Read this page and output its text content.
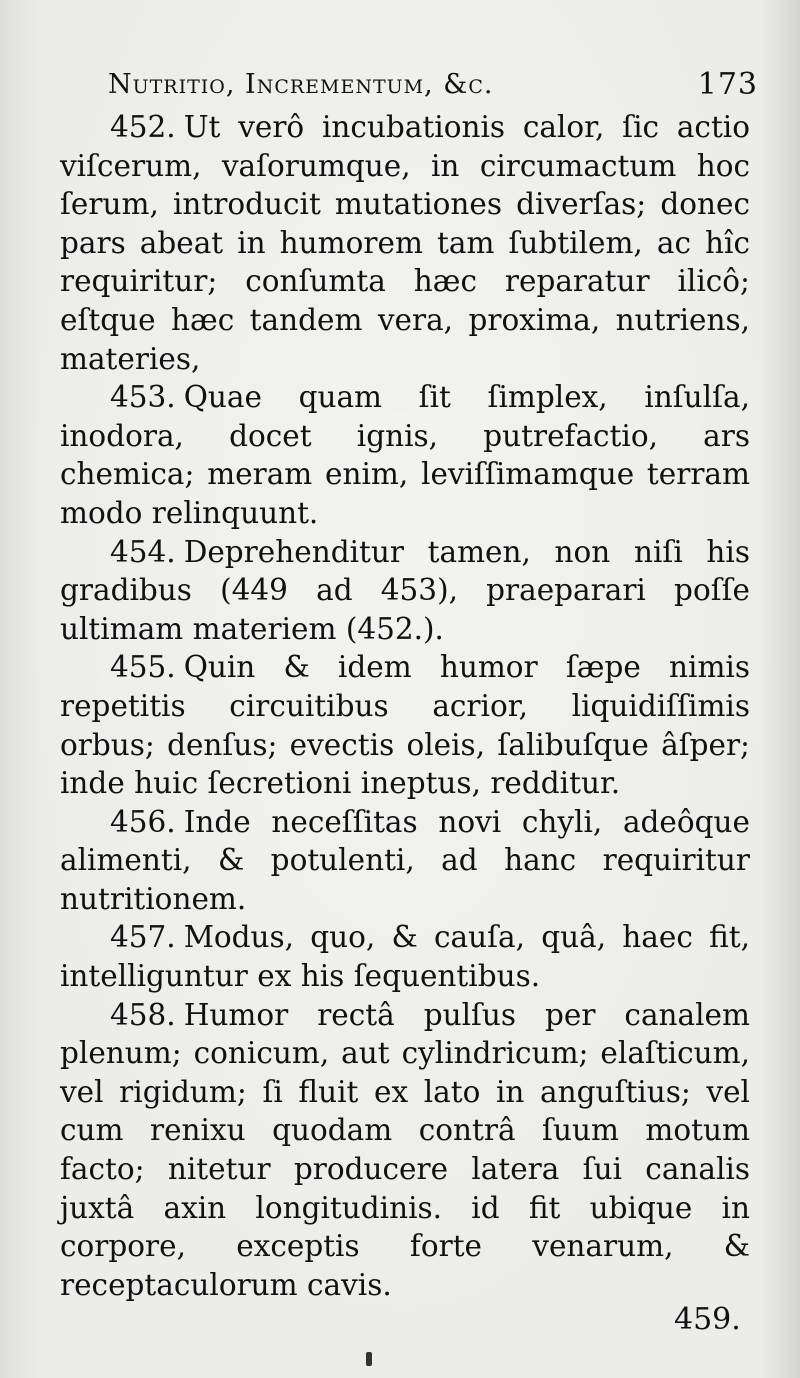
Nutritio, Incrementum, &c.	173

452. Ut verô incubationis calor, ſic actio viſcerum, vaſorumque, in circumactum hoc ſerum, introducit mutationes diverſas; donec pars abeat in humorem tam ſubtilem, ac hîc requiritur; conſumta hæc reparatur ilicô; eſtque hæc tandem vera, proxima, nutriens, materies,

453. Quae quam ſit ſimplex, inſulſa, inodora, docet ignis, putrefactio, ars chemica; meram enim, leviſſimamque terram modo relinquunt.

454. Deprehenditur tamen, non niſi his gradibus (449 ad 453), praeparari poſſe ultimam materiem (452.).

455. Quin & idem humor ſæpe nimis repetitis circuitibus acrior, liquidiſſimis orbus; denſus; evectis oleis, ſalibuſque âſper; inde huic ſecretioni ineptus, redditur.

456. Inde neceſſitas novi chyli, adeôque alimenti, & potulenti, ad hanc requiritur nutritionem.

457. Modus, quo, & cauſa, quâ, haec fit, intelliguntur ex his ſequentibus.

458. Humor rectâ pulſus per canalem plenum; conicum, aut cylindricum; elaſticum, vel rigidum; ſi fluit ex lato in anguſtius; vel cum renixu quodam contrâ ſuum motum facto; nitetur producere latera ſui canalis juxtâ axin longitudinis. id fit ubique in corpore, exceptis forte venarum, & receptaculorum cavis.

459.
